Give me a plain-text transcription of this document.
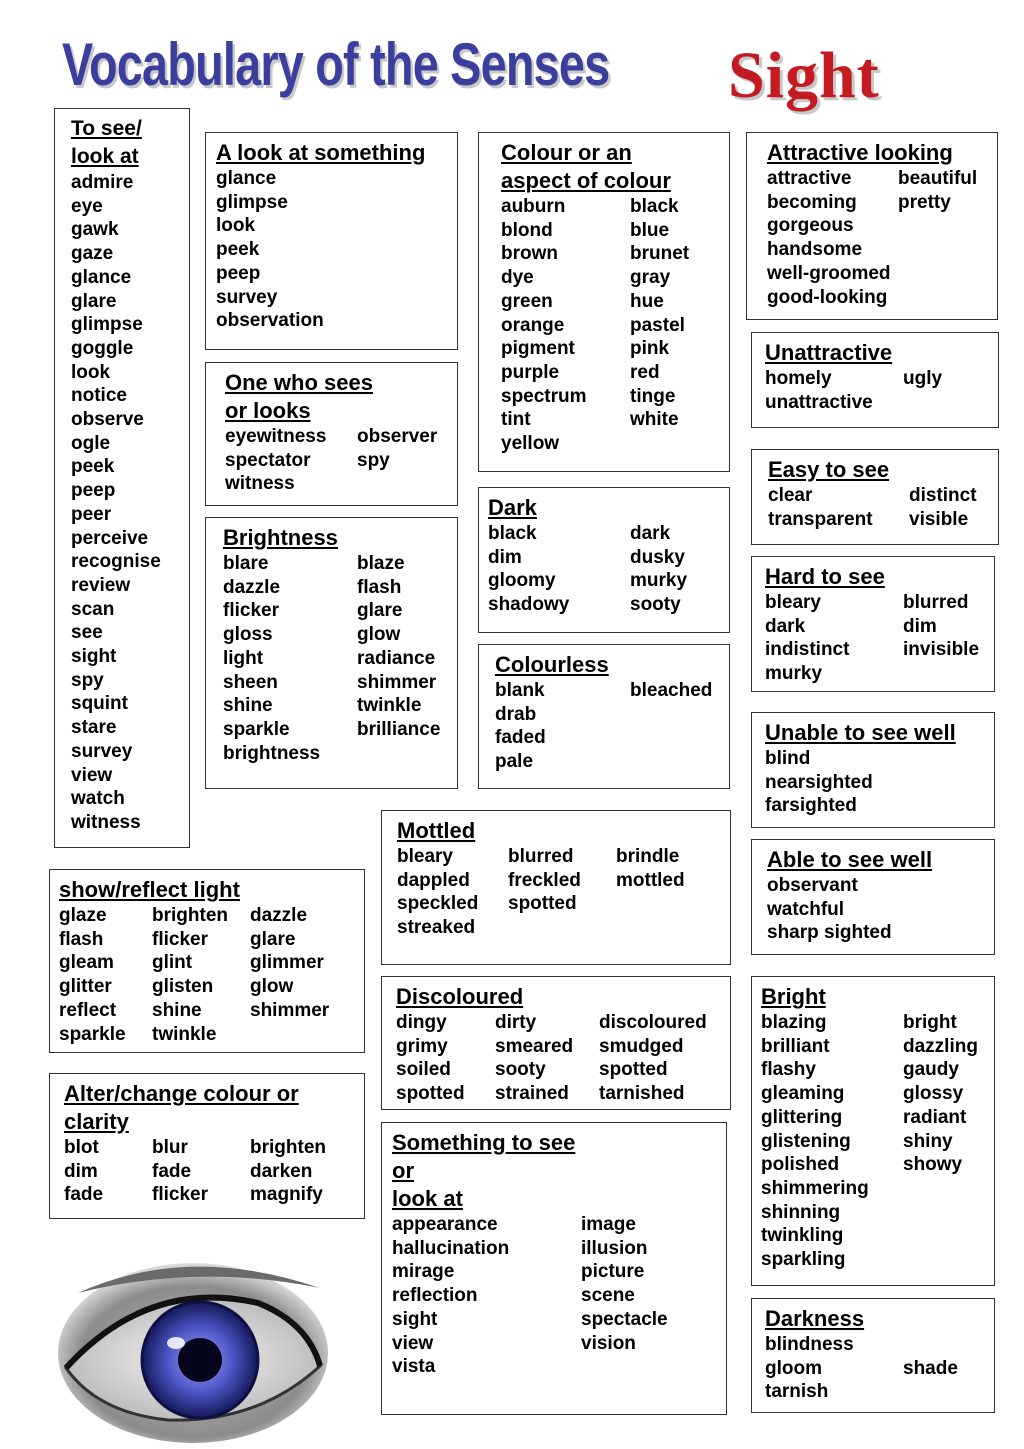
Vocabulary of the Senses Sight
To see/
look at
admire
eye
gawk
gaze
glance
glare
glimpse
goggle
look
notice
observe
ogle
peek
peep
peer
perceive
recognise
review
scan
see
sight
spy
squint
stare
survey
view
watch
witness
A look at something
glance
glimpse
look
peek
peep
survey
observation
One who sees
or looks
eyewitness	observer
spectator	spy
witness
Brightness
blare	blaze
dazzle	flash
flicker	glare
gloss	glow
light	radiance
sheen	shimmer
shine	twinkle
sparkle	brilliance
brightness
Colour or an
aspect of colour
auburn	black
blond	blue
brown	brunet
dye	gray
green	hue
orange	pastel
pigment	pink
purple	red
spectrum	tinge
tint	white
yellow
Dark
black	dark
dim	dusky
gloomy	murky
shadowy	sooty
Colourless
blank	bleached
drab

faded

pale
Attractive looking
attractive	beautiful
becoming	pretty
gorgeous

handsome

well-groomed

good-looking
Unattractive
homely	ugly
unattractive
Easy to see
clear	distinct
transparent	visible
Hard to see
bleary	blurred
dark	dim
indistinct	invisible
murky
Unable to see well
blind
nearsighted
farsighted
Able to see well
observant
watchful
sharp sighted
show/reflect light
glaze	brighten	dazzle
flash	flicker	glare
gleam	glint	glimmer
glitter	glisten	glow
reflect	shine	shimmer
sparkle	twinkle
Alter/change colour or
clarity
blot	blur	brighten
dim	fade	darken
fade	flicker	magnify
Mottled
bleary	blurred	brindle
dappled	freckled	mottled
speckled	spotted

streaked
Discoloured
dingy	dirty	discoloured
grimy	smeared	smudged
soiled	sooty	spotted
spotted	strained	tarnished
Something to see
or
look at
appearance	image
hallucination	illusion
mirage	picture
reflection	scene
sight	spectacle
view	vision
vista
Bright
blazing	bright
brilliant	dazzling
flashy	gaudy
gleaming	glossy
glittering	radiant
glistening	shiny
polished	showy
shimmering

shinning

twinkling

sparkling
Darkness
blindness

gloom	shade
tarnish
